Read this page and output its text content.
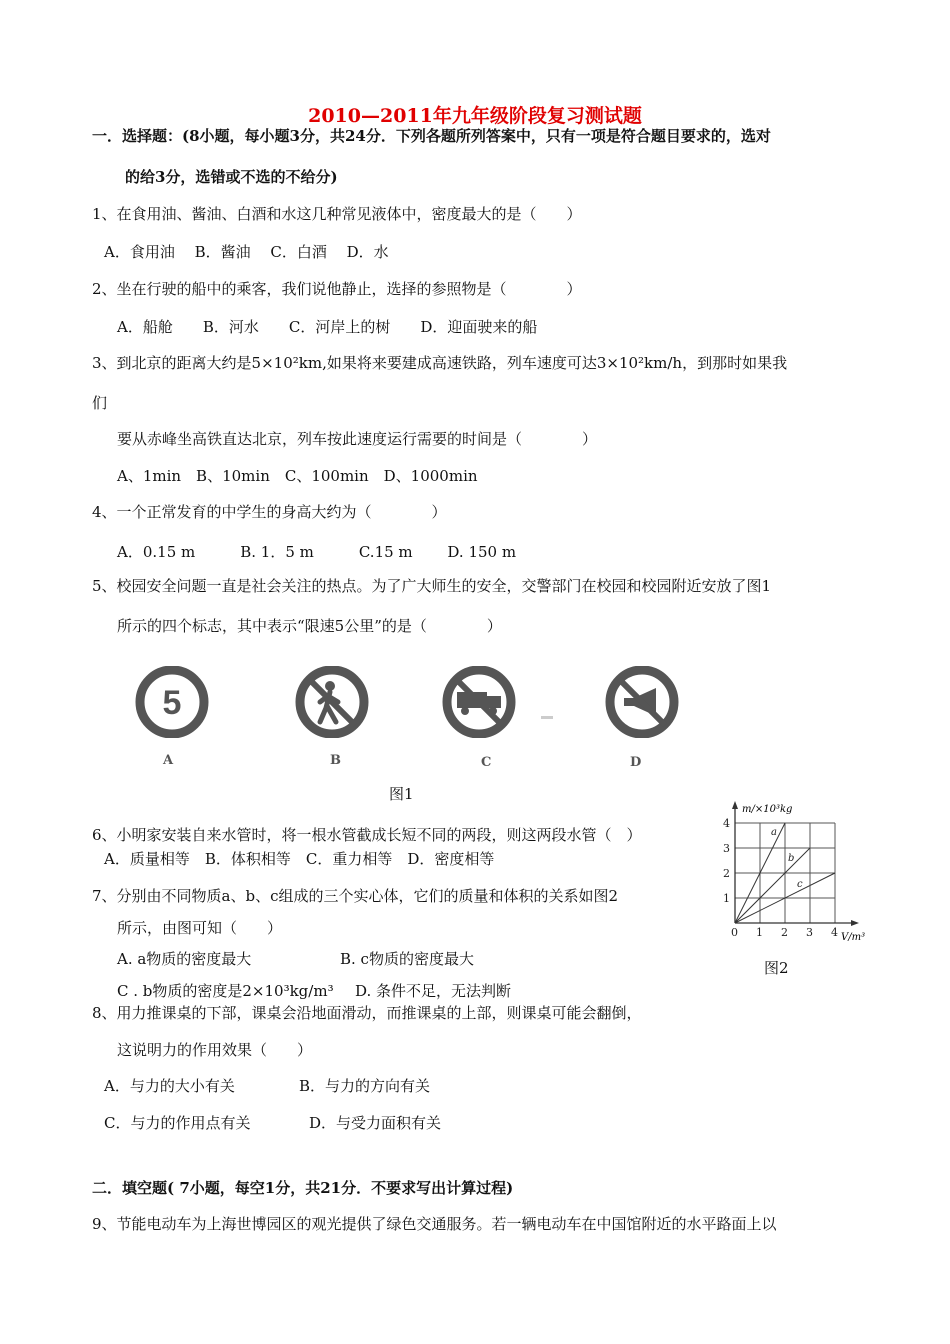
2010—2011年九年级阶段复习测试题
一．选择题：(8小题，每小题3分，共24分．下列各题所列答案中，只有一项是符合题目要求的，选对
的给3分，选错或不选的不给分)
1、在食用油、酱油、白酒和水这几种常见液体中，密度最大的是（　　）
A．食用油　 B．酱油　 C．白酒　 D．水
2、坐在行驶的船中的乘客，我们说他静止，选择的参照物是（　　　　）
A．船舱　　B．河水　　C．河岸上的树　　D．迎面驶来的船
3、到北京的距离大约是5×10²km,如果将来要建成高速铁路，列车速度可达3×10²km/h，到那时如果我
们
要从赤峰坐高铁直达北京，列车按此速度运行需要的时间是（　　　　）
A、1min　B、10min　C、100min　D、1000min
4、一个正常发育的中学生的身高大约为（　　　　）
A．0.15 m　　　B. 1．5 m　　　C.15 m　　 D. 150 m
5、校园安全问题一直是社会关注的热点。为了广大师生的安全，交警部门在校园和校园附近安放了图1
所示的四个标志，其中表示“限速5公里”的是（　　　　）
5
A	B	C	D
图1
m/×10³kg
V/m³
4
3
2
1
0 1 2 3 4
a
b
c
图2
6、小明家安装自来水管时，将一根水管截成长短不同的两段，则这两段水管（　）
A．质量相等　B．体积相等　C．重力相等　D．密度相等
7、分别由不同物质a、b、c组成的三个实心体，它们的质量和体积的关系如图2
所示，由图可知（　　）
A. a物质的密度最大	B. c物质的密度最大
C . b物质的密度是2×10³kg/m³ D. 条件不足，无法判断
8、用力推课桌的下部，课桌会沿地面滑动，而推课桌的上部，则课桌可能会翻倒，
这说明力的作用效果（　　）
A．与力的大小有关	B．与力的方向有关
C．与力的作用点有关	D．与受力面积有关
二．填空题( 7小题，每空1分，共21分．不要求写出计算过程)
9、节能电动车为上海世博园区的观光提供了绿色交通服务。若一辆电动车在中国馆附近的水平路面上以
